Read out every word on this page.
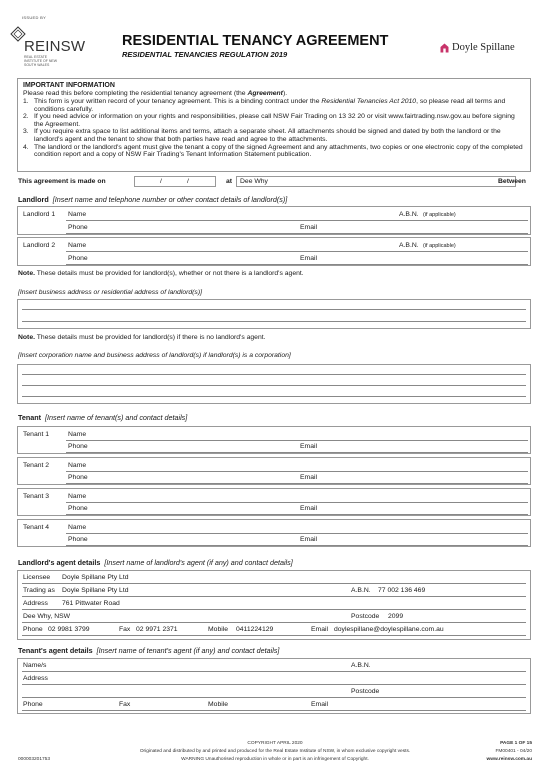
ISSUED BY
REINSW
REAL ESTATE INSTITUTE OF NEW SOUTH WALES
RESIDENTIAL TENANCY AGREEMENT
RESIDENTIAL TENANCIES REGULATION 2019
Doyle Spillane
IMPORTANT INFORMATION
Please read this before completing the residential tenancy agreement (the Agreement).
1. This form is your written record of your tenancy agreement. This is a binding contract under the Residential Tenancies Act 2010, so please read all terms and conditions carefully.
2. If you need advice or information on your rights and responsibilities, please call NSW Fair Trading on 13 32 20 or visit www.fairtrading.nsw.gov.au before signing the Agreement.
3. If you require extra space to list additional items and terms, attach a separate sheet. All attachments should be signed and dated by both the landlord or the landlord's agent and the tenant to show that both parties have read and agree to the attachments.
4. The landlord or the landlord's agent must give the tenant a copy of the signed Agreement and any attachments, two copies or one electronic copy of the completed condition report and a copy of NSW Fair Trading's Tenant Information Statement publication.
This agreement is made on	/	/	at Dee Why	Between
Landlord [Insert name and telephone number or other contact details of landlord(s)]
Landlord 1 Name	A.B.N. (if applicable)
Phone	Email
Landlord 2 Name	A.B.N. (if applicable)
Phone	Email
Note. These details must be provided for landlord(s), whether or not there is a landlord's agent.
[Insert business address or residential address of landlord(s)]
Note. These details must be provided for landlord(s) if there is no landlord's agent.
[Insert corporation name and business address of landlord(s) if landlord(s) is a corporation]
Tenant [Insert name of tenant(s) and contact details]
Tenant 1	Name
Phone	Email
Tenant 2	Name
Phone	Email
Tenant 3	Name
Phone	Email
Tenant 4	Name
Phone	Email
Landlord's agent details [Insert name of landlord's agent (if any) and contact details]
Licensee Doyle Spillane Pty Ltd
Trading as Doyle Spillane Pty Ltd	A.B.N. 77 002 136 469
Address 761 Pittwater Road
Dee Why, NSW	Postcode 2099
Phone 02 9981 3799	Fax 02 9971 2371	Mobile 0411224129	Email doylespillane@doylespillane.com.au
Tenant's agent details [Insert name of tenant's agent (if any) and contact details]
Name/s	A.B.N.
Address
Postcode
Phone	Fax	Mobile	Email
COPYRIGHT APRIL 2020
Originated and distributed by and printed and produced for the Real Estate Institute of NSW, in whom exclusive copyright vests.
WARNING Unauthorised reproduction in whole or in part is an infringement of Copyright.
000003201753
PAGE 1 OF 15
FM00401 - 04/20
www.reinsw.com.au
